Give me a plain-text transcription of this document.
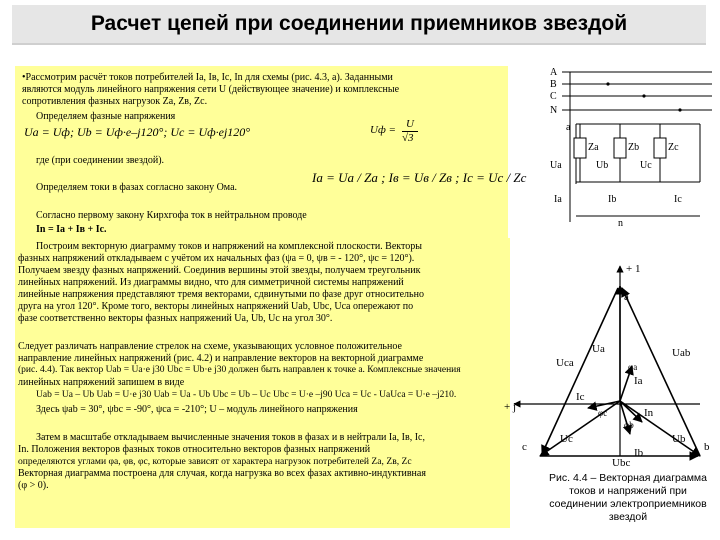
Расчет цепей при соединении приемников звездой
• Рассмотрим расчёт токов потребителей Iа, Iв, Iс, In для схемы (рис. 4.3, а). Заданными
являются модуль линейного напряжения сети U (действующее значение) и комплексные
сопротивления фазных нагрузок Zа, Zв, Zс.
Определяем фазные напряжения
Ua = Uф; Ub = Uф·e–j120°; Uc = Uф·ej120°	Uф = U
√3
где (при соединении звездой).
Ia = Ua / Za ; Iв = Uв / Zв ; Ic = Uc / Zc
Определяем токи в фазах согласно закону Ома.
Согласно первому закону Кирхгофа ток в нейтральном проводе
In = Iа + Iв + Iс.
Построим векторную диаграмму токов и напряжений на комплексной плоскости. Векторы
фазных напряжений откладываем с учётом их начальных фаз (ψa = 0, ψв = - 120°, ψc = 120°).
Получаем звезду фазных напряжений. Соединив вершины этой звезды, получаем треугольник
линейных напряжений. Из диаграммы видно, что для симметричной системы напряжений
линейные напряжения представляют тремя векторами, сдвинутыми по фазе друг относительно
друга на угол 120°. Кроме того, векторы линейных напряжений Uab, Ubc, Uca опережают по
фазе соответственно векторы фазных напряжений Ua, Ub, Uc на угол 30°.
Следует различать направление стрелок на схеме, указывающих условное положительное
направление линейных напряжений (рис. 4.2) и направление векторов на векторной диаграмме
(рис. 4.4). Так вектор Uab = Ua·e j30 Ubc = Ub·e j30 должен быть направлен к точке а. Комплексные значения
линейных напряжений запишем в виде
Uab = Ua – Ub Uab = U·e j30 Uab = Ua - Ub Ubc = Ub – Uc Ubc = U·e –j90 Uca = Uc - UaUca = U·e –j210.
Здесь ψab = 30°, ψbc = -90°, ψca = -210°; U – модуль линейного напряжения
Затем в масштабе откладываем вычисленные значения токов в фазах и в нейтрали Iа, Iв, Iс,
In. Положения векторов фазных токов относительно векторов фазных напряжений
определяются углами φa, φв, φc, которые зависят от характера нагрузок потребителей Zа, Zв, Zс
Векторная диаграмма построена для случая, когда нагрузка во всех фазах активно-индуктивная
(φ > 0).
A
B
C
N
a
Za	Zb	Zc
Ua	Ub	Uc
Ia	Ib	Ic
n
+ 1
+ j
a
b
c
Uca
Uab
Ubc
Ua
Ub
Uc
Ia
Ib
Ic
In
φa
φb
φc
Рис. 4.4 – Векторная диаграмма токов и напряжений при соединении электроприемников звездой
